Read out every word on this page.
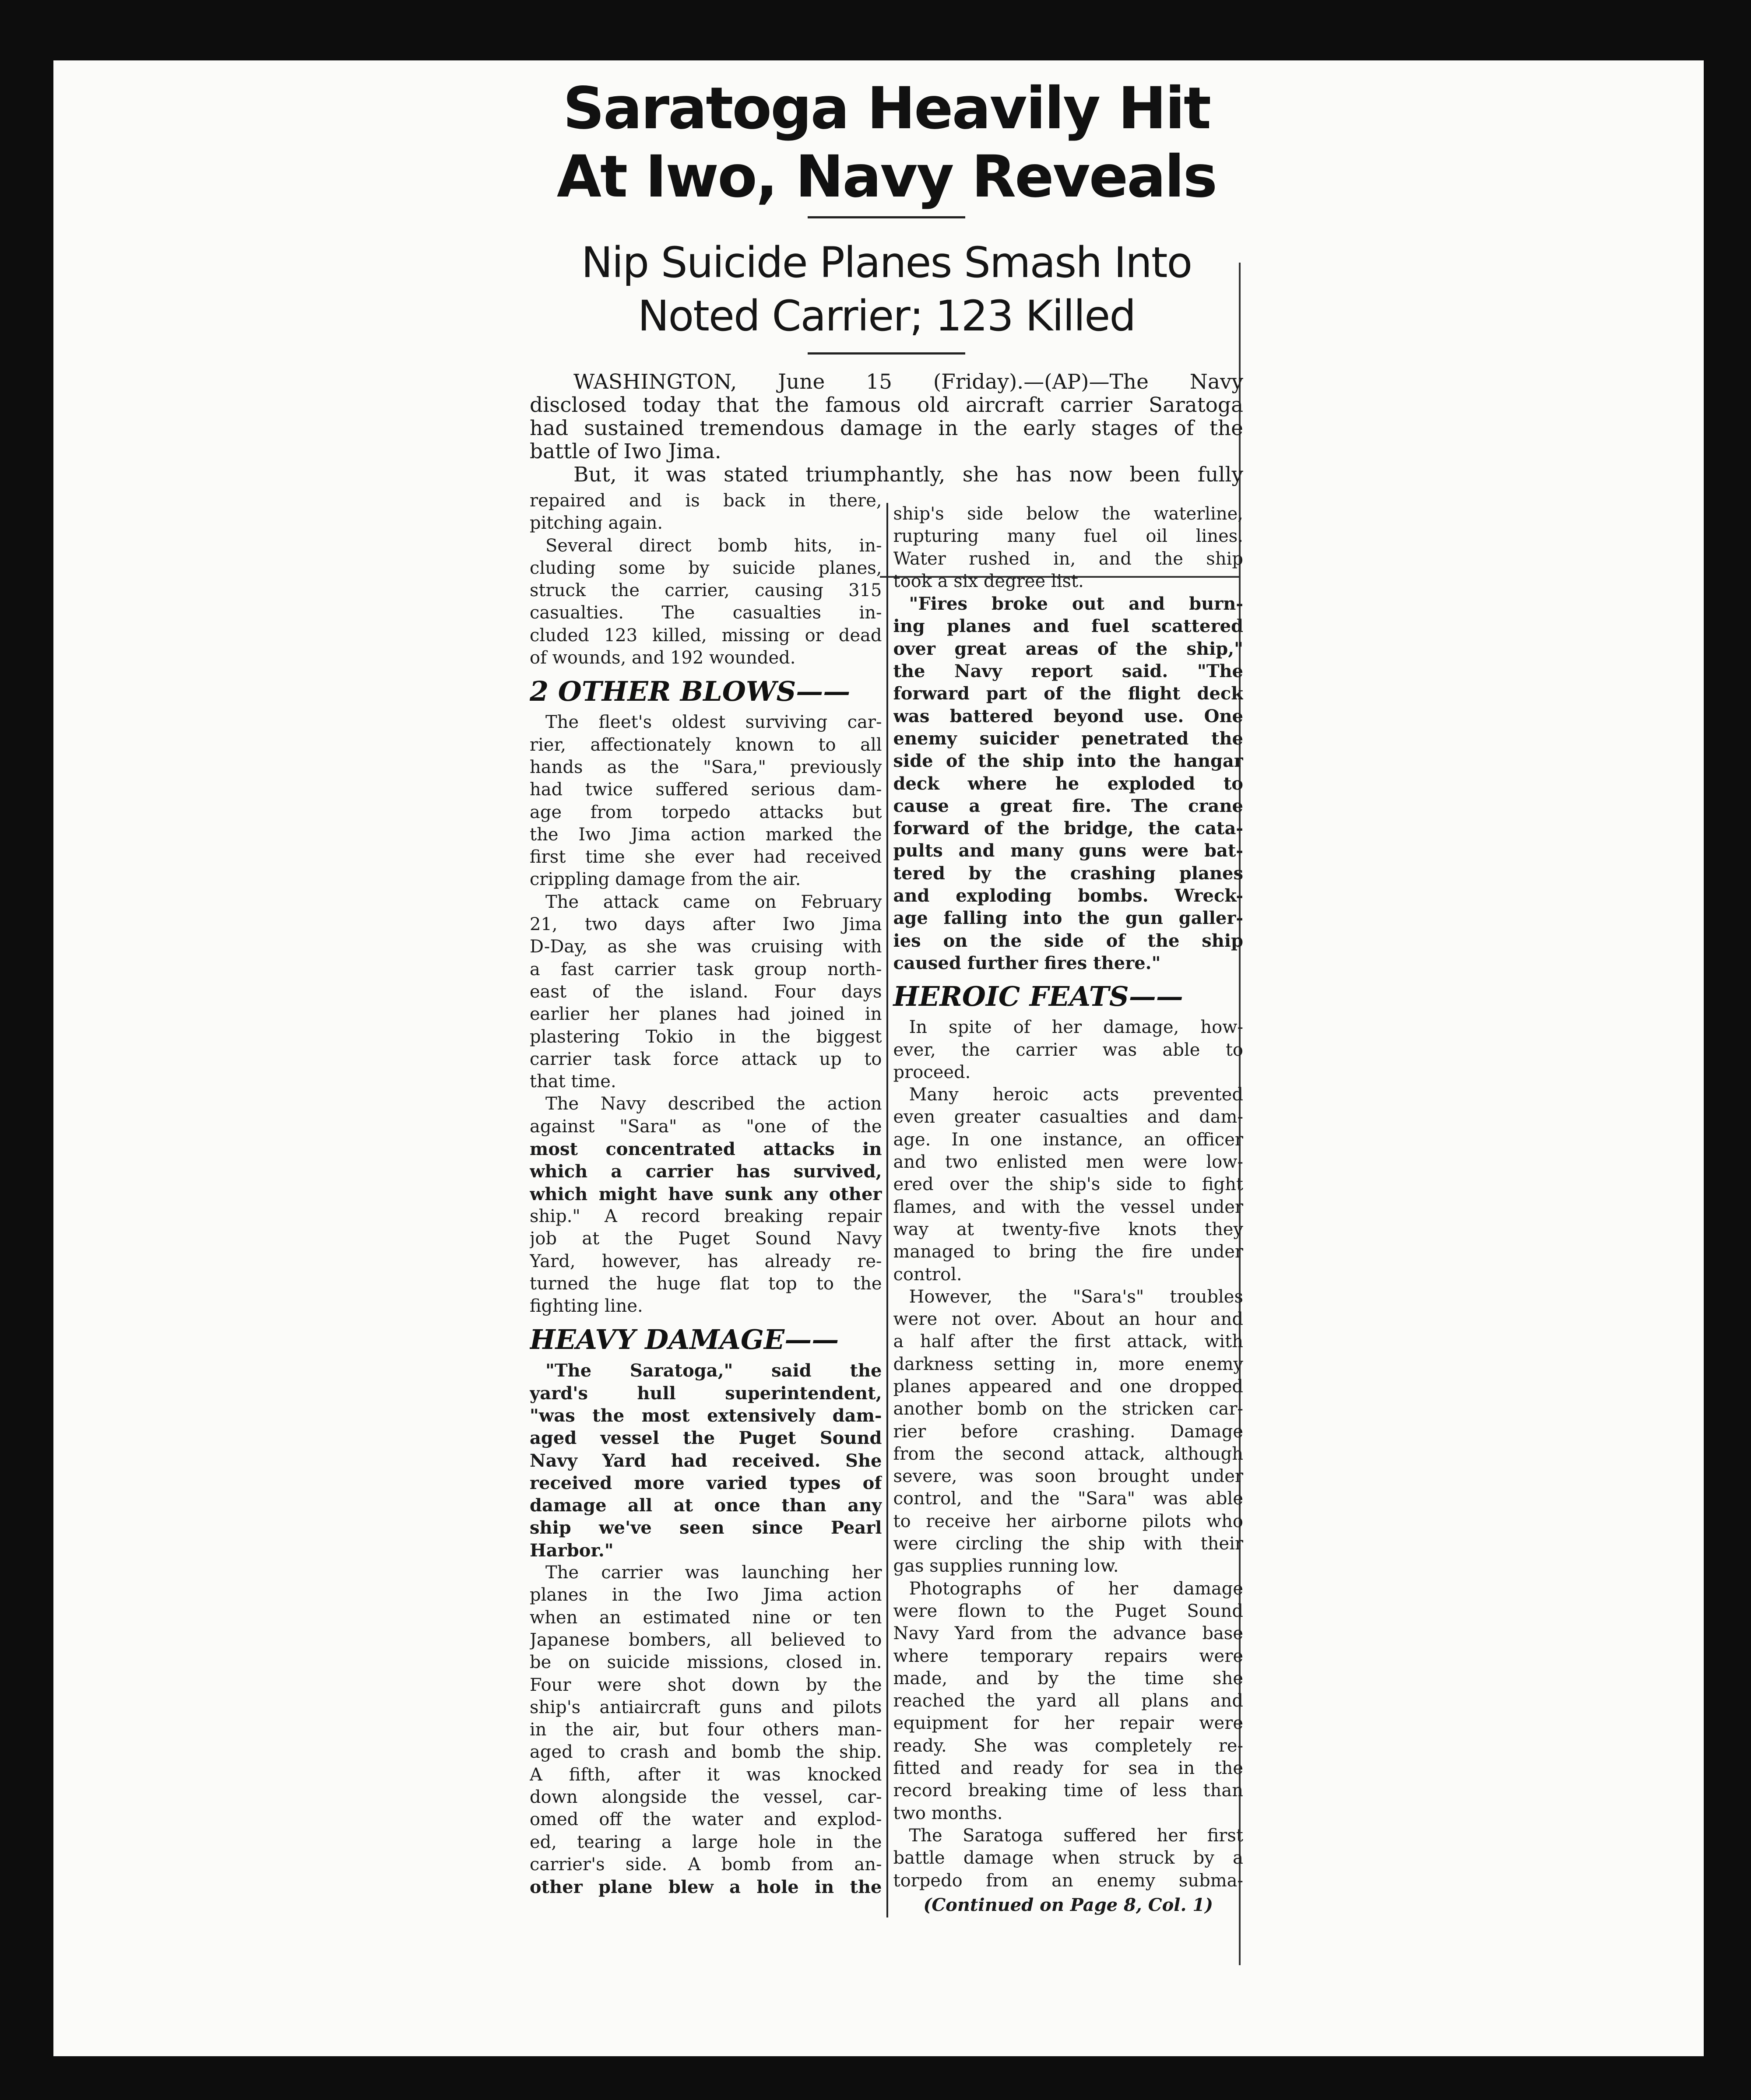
Saratoga Heavily Hit
At Iwo, Navy Reveals
Nip Suicide Planes Smash Into
Noted Carrier; 123 Killed

WASHINGTON, June 15 (Friday).—(AP)—The Navy

disclosed today that the famous old aircraft carrier Saratoga

had sustained tremendous damage in the early stages of the

battle of Iwo Jima.

But, it was stated triumphantly, she has now been fully

repaired and is back in there,

pitching again.

Several direct bomb hits, in-

cluding some by suicide planes,

struck the carrier, causing 315

casualties. The casualties in-

cluded 123 killed, missing or dead

of wounds, and 192 wounded.

2 OTHER BLOWS——

The fleet's oldest surviving car-

rier, affectionately known to all

hands as the "Sara," previously

had twice suffered serious dam-

age from torpedo attacks but

the Iwo Jima action marked the

first time she ever had received

crippling damage from the air.

The attack came on February

21, two days after Iwo Jima

D-Day, as she was cruising with

a fast carrier task group north-

east of the island. Four days

earlier her planes had joined in

plastering Tokio in the biggest

carrier task force attack up to

that time.

The Navy described the action

against "Sara" as "one of the

most concentrated attacks in

which a carrier has survived,

which might have sunk any other

ship." A record breaking repair

job at the Puget Sound Navy

Yard, however, has already re-

turned the huge flat top to the

fighting line.

HEAVY DAMAGE——

"The Saratoga," said the

yard's hull superintendent,

"was the most extensively dam-

aged vessel the Puget Sound

Navy Yard had received. She

received more varied types of

damage all at once than any

ship we've seen since Pearl

Harbor."

The carrier was launching her

planes in the Iwo Jima action

when an estimated nine or ten

Japanese bombers, all believed to

be on suicide missions, closed in.

Four were shot down by the

ship's antiaircraft guns and pilots

in the air, but four others man-

aged to crash and bomb the ship.

A fifth, after it was knocked

down alongside the vessel, car-

omed off the water and explod-

ed, tearing a large hole in the

carrier's side. A bomb from an-

other plane blew a hole in the

ship's side below the waterline,

rupturing many fuel oil lines.

Water rushed in, and the ship

took a six degree list.

"Fires broke out and burn-

ing planes and fuel scattered

over great areas of the ship,"

the Navy report said. "The

forward part of the flight deck

was battered beyond use. One

enemy suicider penetrated the

side of the ship into the hangar

deck where he exploded to

cause a great fire. The crane

forward of the bridge, the cata-

pults and many guns were bat-

tered by the crashing planes

and exploding bombs. Wreck-

age falling into the gun galler-

ies on the side of the ship

caused further fires there."

HEROIC FEATS——

In spite of her damage, how-

ever, the carrier was able to

proceed.

Many heroic acts prevented

even greater casualties and dam-

age. In one instance, an officer

and two enlisted men were low-

ered over the ship's side to fight

flames, and with the vessel under

way at twenty-five knots they

managed to bring the fire under

control.

However, the "Sara's" troubles

were not over. About an hour and

a half after the first attack, with

darkness setting in, more enemy

planes appeared and one dropped

another bomb on the stricken car-

rier before crashing. Damage

from the second attack, although

severe, was soon brought under

control, and the "Sara" was able

to receive her airborne pilots who

were circling the ship with their

gas supplies running low.

Photographs of her damage

were flown to the Puget Sound

Navy Yard from the advance base

where temporary repairs were

made, and by the time she

reached the yard all plans and

equipment for her repair were

ready. She was completely re-

fitted and ready for sea in the

record breaking time of less than

two months.

The Saratoga suffered her first

battle damage when struck by a

torpedo from an enemy subma-

(Continued on Page 8, Col. 1)
